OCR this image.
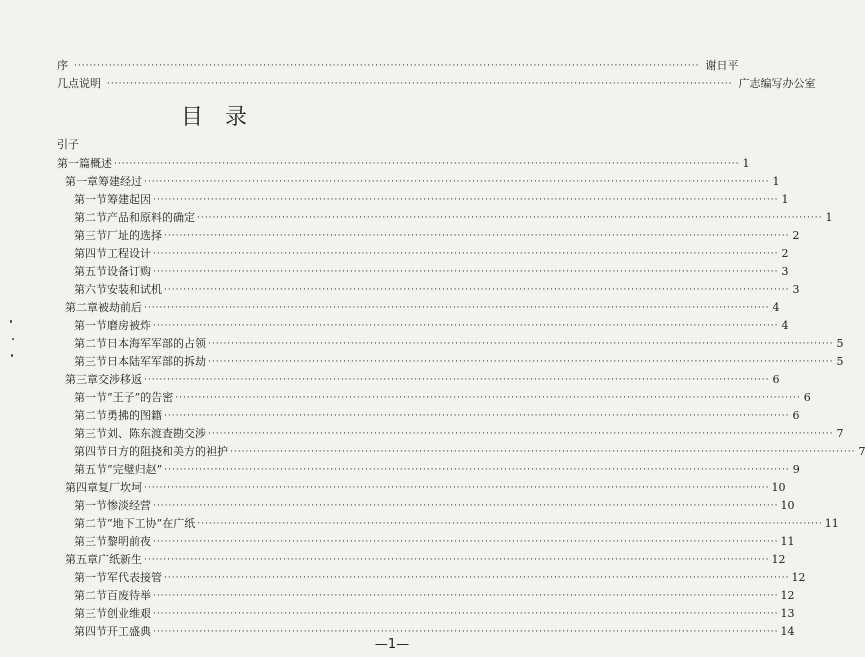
序 ·····	谢日平
几点说明 ·····	广志编写办公室
目录
引子
第一篇 概述 ·····	1
第一章 筹建经过 ·····	1
第一节 筹建起因 ·····	1
第二节 产品和原料的确定 ·····	1
第三节 厂址的选择 ·····	2
第四节 工程设计 ·····	2
第五节 设备订购 ·····	3
第六节 安装和试机 ·····	3
第二章 被劫前后 ·····	4
第一节 磨房被炸 ·····	4
第二节 日本海军军部的占领 ·····	5
第三节 日本陆军军部的拆劫 ·····	5
第三章 交涉移返 ·····	6
第一节 “王子”的告密 ·····	6
第二节 勇拂的图籍 ·····	6
第三节 刘、陈东渡査勘交涉 ·····	7
第四节 日方的阻挠和美方的袒护 ·····	7
第五节 “完璧归赵” ·····	9
第四章 复厂坎坷 ·····	10
第一节 惨淡经营 ·····	10
第二节 “地下工协”在广纸 ·····	11
第三节 黎明前夜 ·····	11
第五章 广纸新生 ·····	12
第一节 军代表接管 ·····	12
第二节 百废待举 ·····	12
第三节 创业维艰 ·····	13
第四节 开工盛典 ·····	14
—1—
